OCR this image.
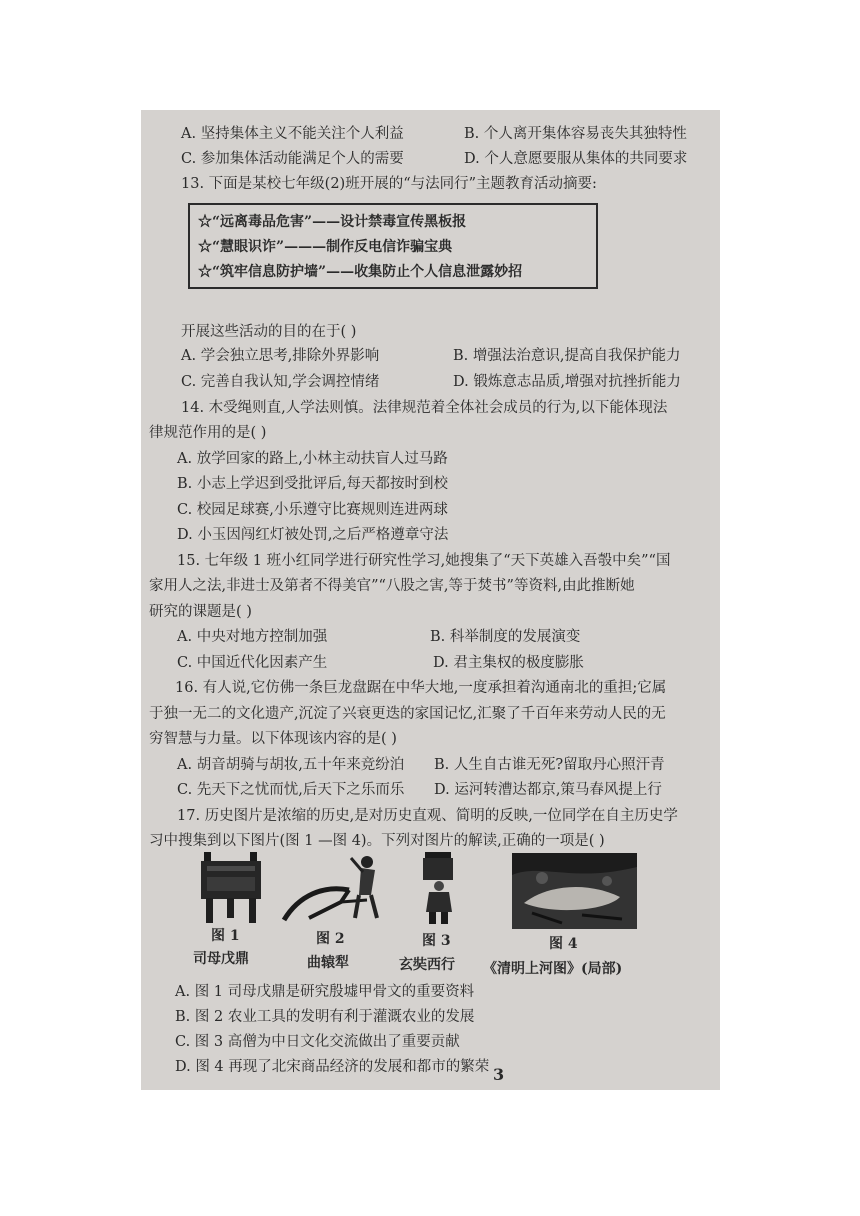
A. 坚持集体主义不能关注个人利益	B. 个人离开集体容易丧失其独特性
C. 参加集体活动能满足个人的需要	D. 个人意愿要服从集体的共同要求
13. 下面是某校七年级(2)班开展的“与法同行”主题教育活动摘要:
☆“远离毒品危害”——设计禁毒宣传黑板报
☆“慧眼识诈”———制作反电信诈骗宝典
☆“筑牢信息防护墙”——收集防止个人信息泄露妙招
开展这些活动的目的在于( )
A. 学会独立思考,排除外界影响	B. 增强法治意识,提高自我保护能力
C. 完善自我认知,学会调控情绪	D. 锻炼意志品质,增强对抗挫折能力
14. 木受绳则直,人学法则慎。法律规范着全体社会成员的行为,以下能体现法
律规范作用的是( )
A. 放学回家的路上,小林主动扶盲人过马路
B. 小志上学迟到受批评后,每天都按时到校
C. 校园足球赛,小乐遵守比赛规则连进两球
D. 小玉因闯红灯被处罚,之后严格遵章守法
15. 七年级 1 班小红同学进行研究性学习,她搜集了“天下英雄入吾彀中矣”“国
家用人之法,非进士及第者不得美官”“八股之害,等于焚书”等资料,由此推断她
研究的课题是( )
A. 中央对地方控制加强	B. 科举制度的发展演变
C. 中国近代化因素产生	D. 君主集权的极度膨胀
16. 有人说,它仿佛一条巨龙盘踞在中华大地,一度承担着沟通南北的重担;它属
于独一无二的文化遗产,沉淀了兴衰更迭的家国记忆,汇聚了千百年来劳动人民的无
穷智慧与力量。以下体现该内容的是( )
A. 胡音胡骑与胡妆,五十年来竞纷泊 B. 人生自古谁无死?留取丹心照汗青
C. 先天下之忧而忧,后天下之乐而乐 D. 运河转漕达都京,策马春风提上行
17. 历史图片是浓缩的历史,是对历史直观、简明的反映,一位同学在自主历史学
习中搜集到以下图片(图 1 —图 4)。下列对图片的解读,正确的一项是( )
图 1
司母戊鼎
图 2
曲辕犁
图 3
玄奘西行
图 4
《清明上河图》(局部)
A. 图 1 司母戊鼎是研究殷墟甲骨文的重要资料
B. 图 2 农业工具的发明有利于灌溉农业的发展
C. 图 3 高僧为中日文化交流做出了重要贡献
D. 图 4 再现了北宋商品经济的发展和都市的繁荣 3
